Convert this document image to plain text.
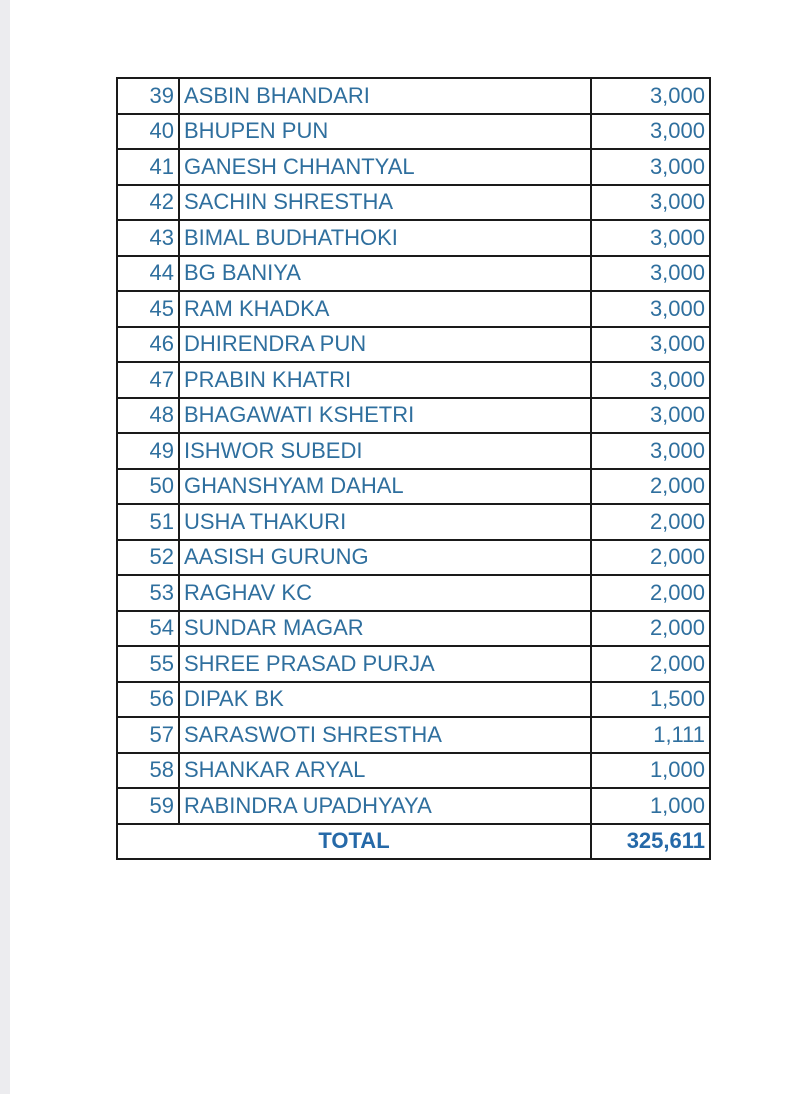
39	ASBIN BHANDARI	3,000
40	BHUPEN PUN	3,000
41	GANESH CHHANTYAL	3,000
42	SACHIN SHRESTHA	3,000
43	BIMAL BUDHATHOKI	3,000
44	BG BANIYA	3,000
45	RAM KHADKA	3,000
46	DHIRENDRA PUN	3,000
47	PRABIN KHATRI	3,000
48	BHAGAWATI KSHETRI	3,000
49	ISHWOR SUBEDI	3,000
50	GHANSHYAM DAHAL	2,000
51	USHA THAKURI	2,000
52	AASISH GURUNG	2,000
53	RAGHAV KC	2,000
54	SUNDAR MAGAR	2,000
55	SHREE PRASAD PURJA	2,000
56	DIPAK BK	1,500
57	SARASWOTI SHRESTHA	1,111
58	SHANKAR ARYAL	1,000
59	RABINDRA UPADHYAYA	1,000
TOTAL		325,611
